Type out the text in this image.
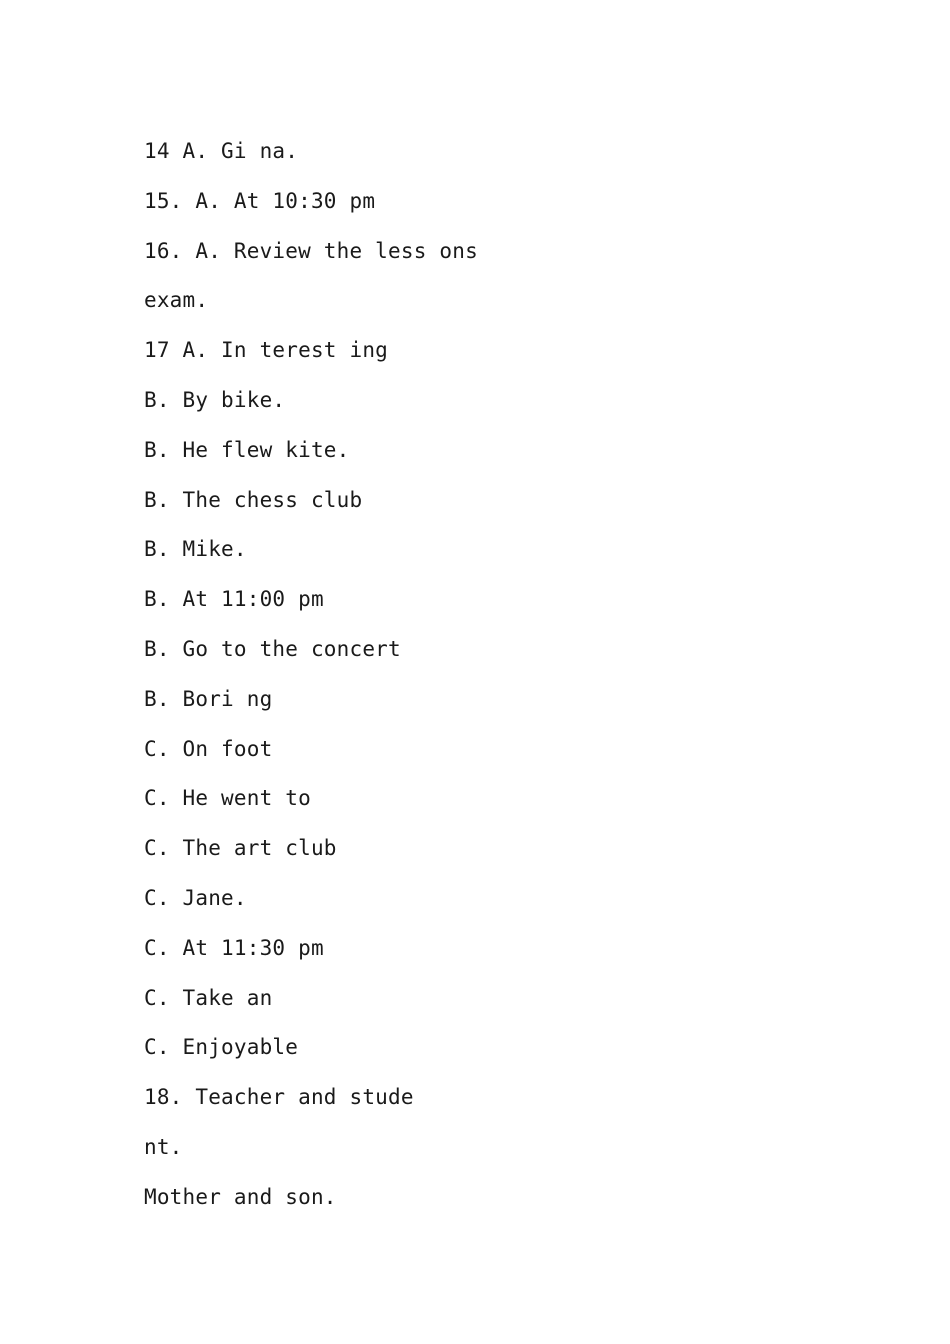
14 A. Gi na.
15. A. At 10:30 pm
16. A. Review the less ons
exam.
17 A. In terest ing
B. By bike.
B. He flew kite.
B. The chess club
B. Mike.
B. At 11:00 pm
B. Go to the concert
B. Bori ng
C. On foot
C. He went to
C. The art club
C. Jane.
C. At 11:30 pm
C. Take an
C. Enjoyable
18. Teacher and stude
nt.
Mother and son.
